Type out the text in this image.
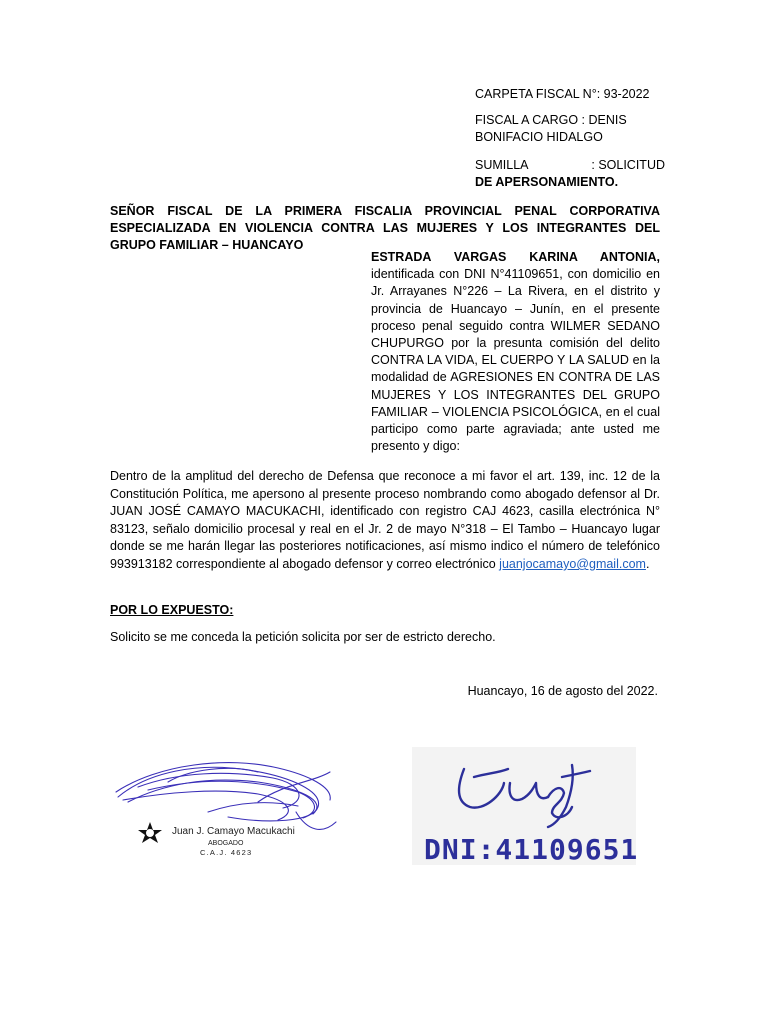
CARPETA FISCAL N°: 93-2022
FISCAL A CARGO : DENIS
BONIFACIO HIDALGO
SUMILLA	: SOLICITUD
DE APERSONAMIENTO.
SEÑOR FISCAL DE LA PRIMERA FISCALIA PROVINCIAL PENAL CORPORATIVA ESPECIALIZADA EN VIOLENCIA CONTRA LAS MUJERES Y LOS INTEGRANTES DEL GRUPO FAMILIAR – HUANCAYO
ESTRADA VARGAS KARINA ANTONIA, identificada con DNI N°41109651, con domicilio en Jr. Arrayanes N°226 – La Rivera, en el distrito y provincia de Huancayo – Junín, en el presente proceso penal seguido contra WILMER SEDANO CHUPURGO por la presunta comisión del delito CONTRA LA VIDA, EL CUERPO Y LA SALUD en la modalidad de AGRESIONES EN CONTRA DE LAS MUJERES Y LOS INTEGRANTES DEL GRUPO FAMILIAR – VIOLENCIA PSICOLÓGICA, en el cual participo como parte agraviada; ante usted me presento y digo:
Dentro de la amplitud del derecho de Defensa que reconoce a mi favor el art. 139, inc. 12 de la Constitución Política, me apersono al presente proceso nombrando como abogado defensor al Dr. JUAN JOSÉ CAMAYO MACUKACHI, identificado con registro CAJ 4623, casilla electrónica N° 83123, señalo domicilio procesal y real en el Jr. 2 de mayo N°318 – El Tambo – Huancayo lugar donde se me harán llegar las posteriores notificaciones, así mismo indico el número de telefónico 993913182 correspondiente al abogado defensor y correo electrónico juanjocamayo@gmail.com.
POR LO EXPUESTO:
Solicito se me conceda la petición solicita por ser de estricto derecho.
Huancayo, 16 de agosto del 2022.
Juan J. Camayo Macukachi
ABOGADO
C.A.J. 4623	DNI:41109651
